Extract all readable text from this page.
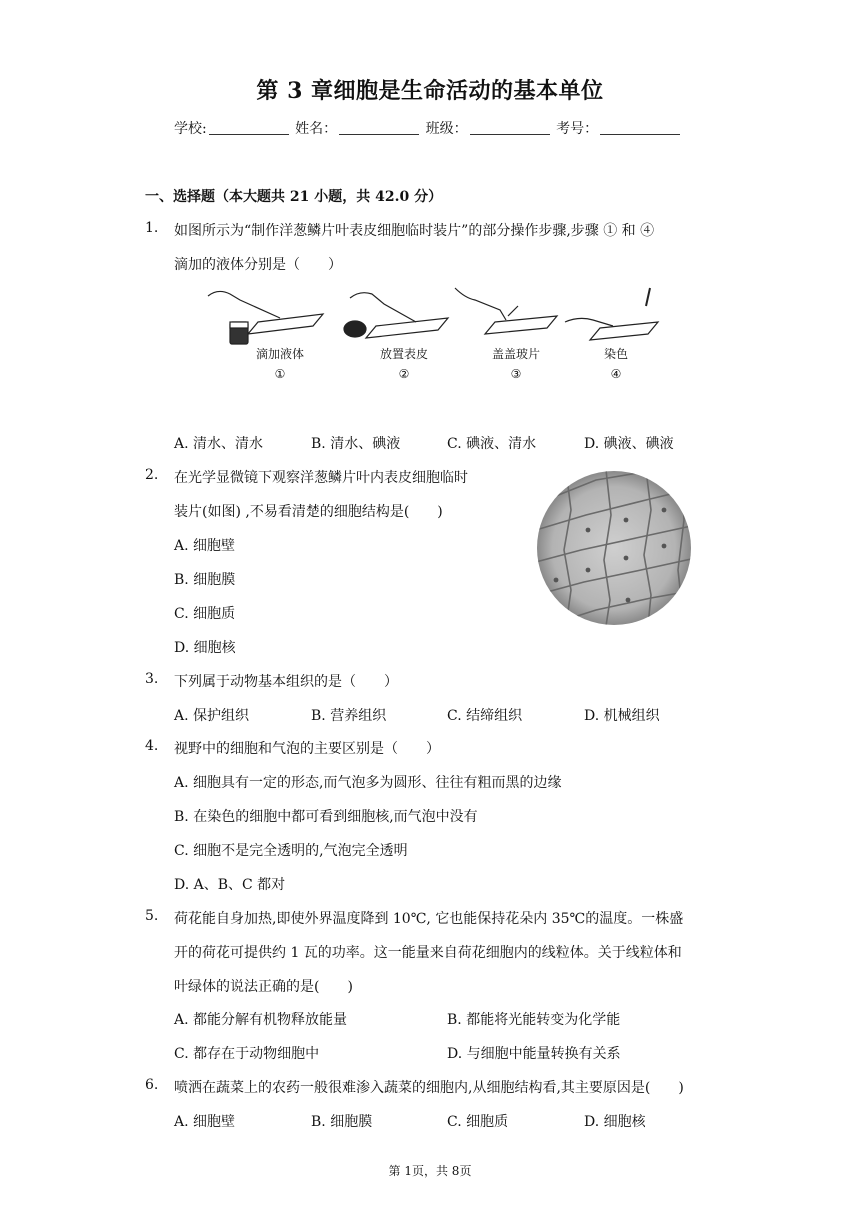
第 3 章细胞是生命活动的基本单位
学校:	姓名：	班级：	考号：
一、选择题（本大题共 21 小题，共 42.0 分）
1. 如图所示为“制作洋葱鳞片叶表皮细胞临时装片”的部分操作步骤,步骤 ① 和 ④
滴加的液体分别是（　　）
滴加液体	放置表皮	盖盖玻片	染色
①	②	③	④
A. 清水、清水	B. 清水、碘液	C. 碘液、清水	D. 碘液、碘液
2. 在光学显微镜下观察洋葱鳞片叶内表皮细胞临时
装片(如图) ,不易看清楚的细胞结构是(　　)
A. 细胞壁
B. 细胞膜
C. 细胞质
D. 细胞核
3. 下列属于动物基本组织的是（　　）
A. 保护组织	B. 营养组织	C. 结缔组织	D. 机械组织
4. 视野中的细胞和气泡的主要区别是（　　）
A. 细胞具有一定的形态,而气泡多为圆形、往往有粗而黑的边缘
B. 在染色的细胞中都可看到细胞核,而气泡中没有
C. 细胞不是完全透明的,气泡完全透明
D. A、B、C 都对
5. 荷花能自身加热,即使外界温度降到 10℃, 它也能保持花朵内 35℃的温度。一株盛
开的荷花可提供约 1 瓦的功率。这一能量来自荷花细胞内的线粒体。关于线粒体和
叶绿体的说法正确的是(　　)
A. 都能分解有机物释放能量	B. 都能将光能转变为化学能
C. 都存在于动物细胞中	D. 与细胞中能量转换有关系
6. 喷洒在蔬菜上的农药一般很难渗入蔬菜的细胞内,从细胞结构看,其主要原因是(　　)
A. 细胞壁	B. 细胞膜	C. 细胞质	D. 细胞核
第 1页，共 8页
